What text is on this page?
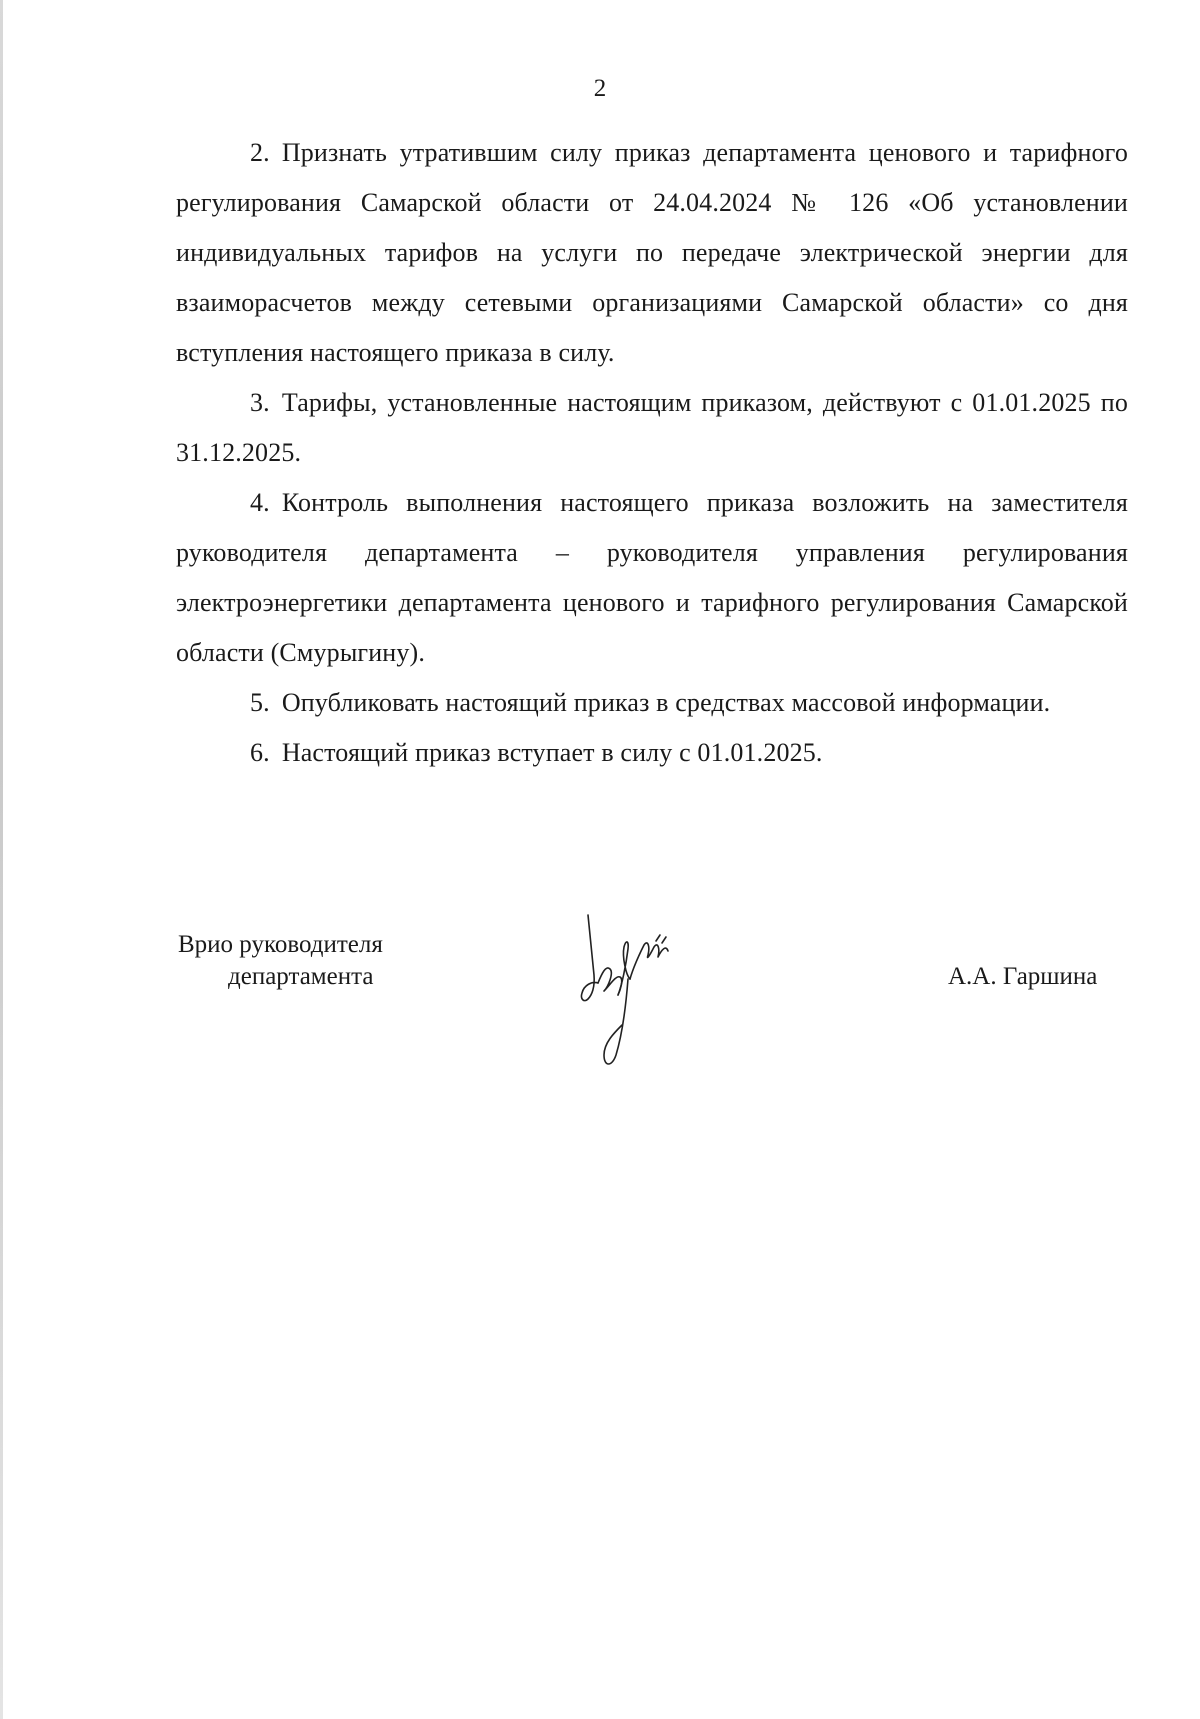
2

2. Признать утратившим силу приказ департамента ценового и тарифного регулирования Самарской области от 24.04.2024 № 126 «Об установлении индивидуальных тарифов на услуги по передаче электрической энергии для взаиморасчетов между сетевыми организациями Самарской области» со дня вступления настоящего приказа в силу.

3. Тарифы, установленные настоящим приказом, действуют с 01.01.2025 по 31.12.2025.

4. Контроль выполнения настоящего приказа возложить на заместителя руководителя департамента – руководителя управления регулирования электроэнергетики департамента ценового и тарифного регулирования Самарской области (Смурыгину).

5. Опубликовать настоящий приказ в средствах массовой информации.

6. Настоящий приказ вступает в силу с 01.01.2025.

Врио руководителя
департамента	А.А. Гаршина
